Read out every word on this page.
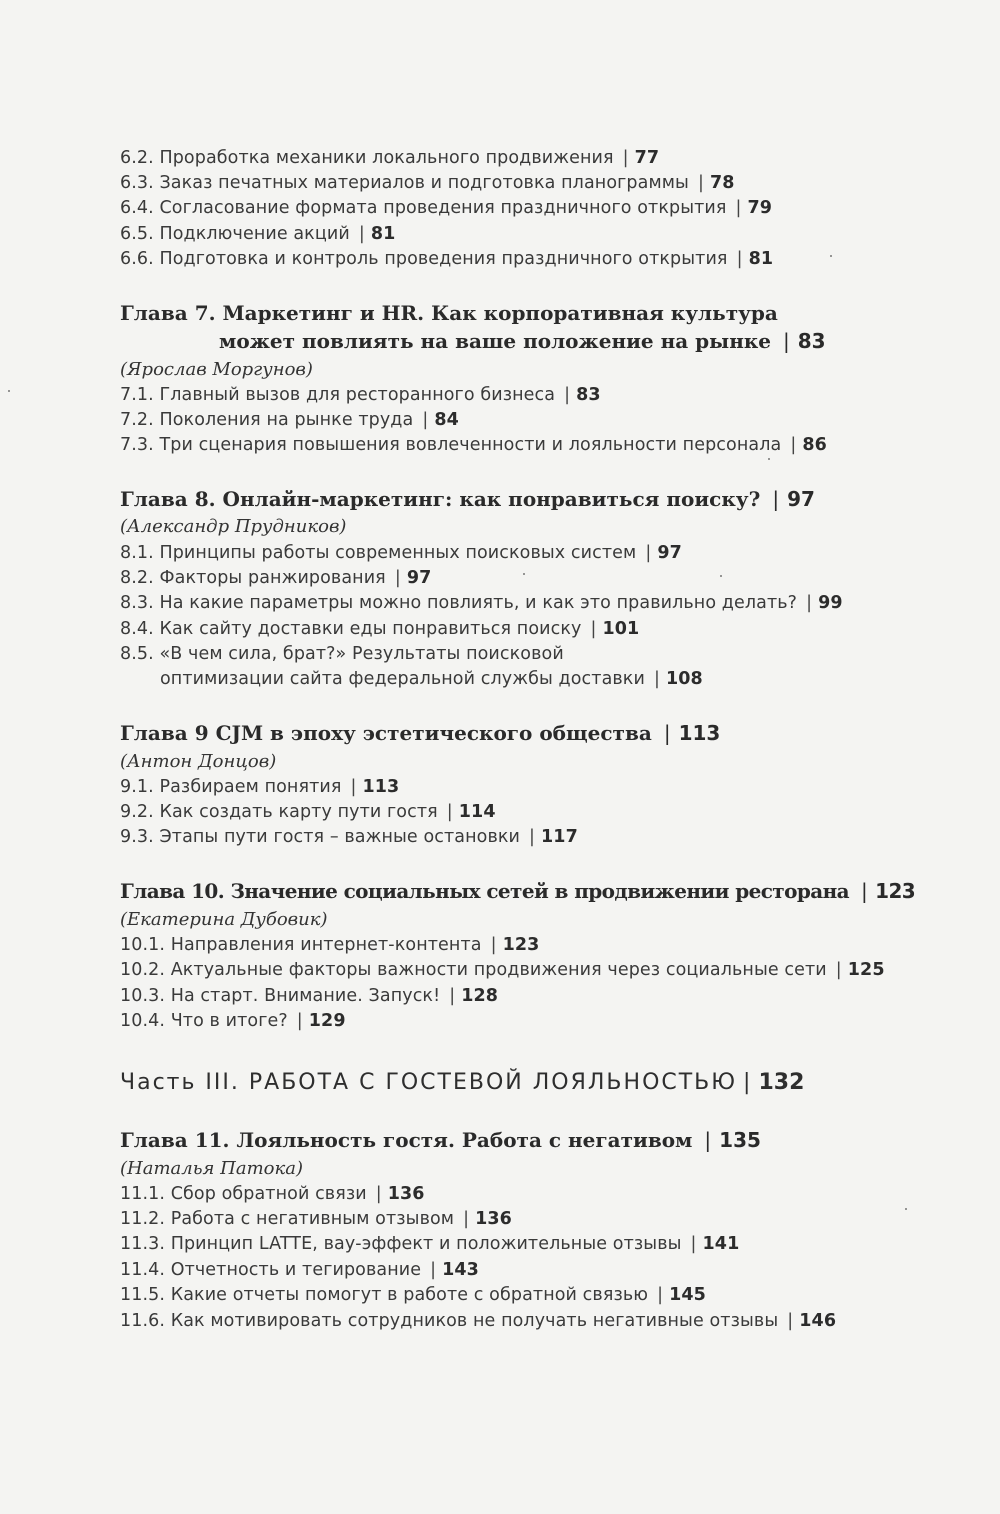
6.2. Проработка механики локального продвижения | 77
6.3. Заказ печатных материалов и подготовка планограммы | 78
6.4. Согласование формата проведения праздничного открытия | 79
6.5. Подключение акций | 81
6.6. Подготовка и контроль проведения праздничного открытия | 81
Глава 7. Маркетинг и HR. Как корпоративная культура
может повлиять на ваше положение на рынке | 83
(Ярослав Моргунов)
7.1. Главный вызов для ресторанного бизнеса | 83
7.2. Поколения на рынке труда | 84
7.3. Три сценария повышения вовлеченности и лояльности персонала | 86
Глава 8. Онлайн-маркетинг: как понравиться поиску? | 97
(Александр Прудников)
8.1. Принципы работы современных поисковых систем | 97
8.2. Факторы ранжирования | 97
8.3. На какие параметры можно повлиять, и как это правильно делать? | 99
8.4. Как сайту доставки еды понравиться поиску | 101
8.5. «В чем сила, брат?» Результаты поисковой
оптимизации сайта федеральной службы доставки | 108
Глава 9 CJM в эпоху эстетического общества | 113
(Антон Донцов)
9.1. Разбираем понятия | 113
9.2. Как создать карту пути гостя | 114
9.3. Этапы пути гостя – важные остановки | 117
Глава 10. Значение социальных сетей в продвижении ресторана | 123
(Екатерина Дубовик)
10.1. Направления интернет-контента | 123
10.2. Актуальные факторы важности продвижения через социальные сети | 125
10.3. На старт. Внимание. Запуск! | 128
10.4. Что в итоге? | 129
Часть III. РАБОТА С ГОСТЕВОЙ ЛОЯЛЬНОСТЬЮ | 132
Глава 11. Лояльность гостя. Работа с негативом | 135
(Наталья Патока)
11.1. Сбор обратной связи | 136
11.2. Работа с негативным отзывом | 136
11.3. Принцип LATTE, вау-эффект и положительные отзывы | 141
11.4. Отчетность и тегирование | 143
11.5. Какие отчеты помогут в работе с обратной связью | 145
11.6. Как мотивировать сотрудников не получать негативные отзывы | 146
